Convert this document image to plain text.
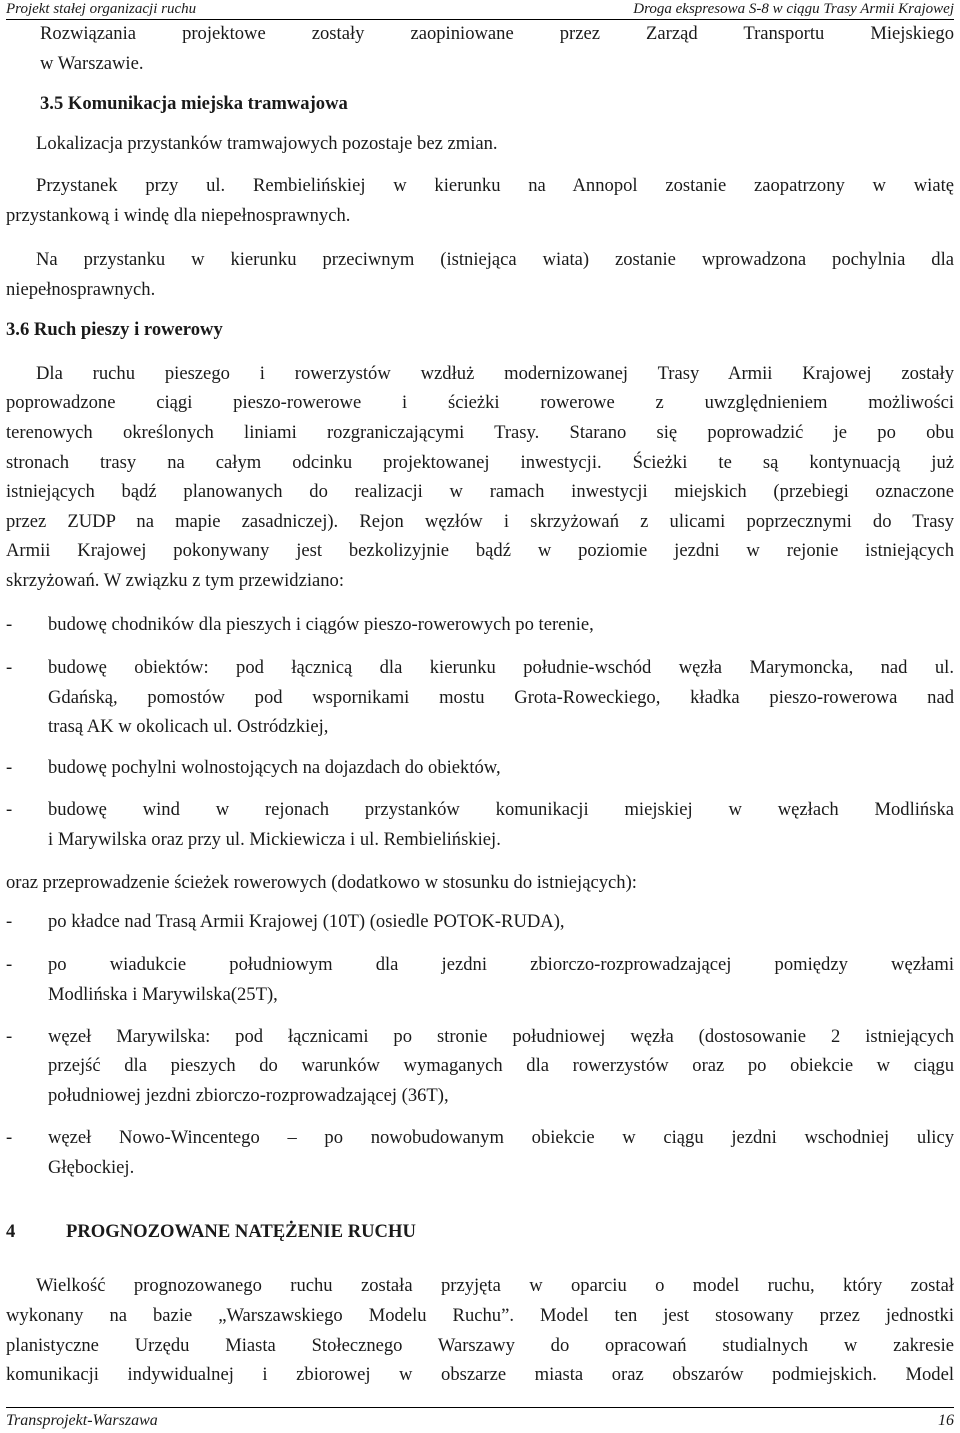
Projekt stałej organizacji ruchu	Droga ekspresowa S-8 w ciągu Trasy Armii Krajowej
Rozwiązania projektowe zostały zaopiniowane przez Zarząd Transportu Miejskiego
w Warszawie.
3.5 Komunikacja miejska tramwajowa
Lokalizacja przystanków tramwajowych pozostaje bez zmian.
Przystanek przy ul. Rembielińskiej w kierunku na Annopol zostanie zaopatrzony w wiatę
przystankową i windę dla niepełnosprawnych.
Na przystanku w kierunku przeciwnym (istniejąca wiata) zostanie wprowadzona pochylnia dla
niepełnosprawnych.
3.6 Ruch pieszy i rowerowy
Dla ruchu pieszego i rowerzystów wzdłuż modernizowanej Trasy Armii Krajowej zostały
poprowadzone ciągi pieszo-rowerowe i ścieżki rowerowe z uwzględnieniem możliwości
terenowych określonych liniami rozgraniczającymi Trasy. Starano się poprowadzić je po obu
stronach trasy na całym odcinku projektowanej inwestycji. Ścieżki te są kontynuacją już
istniejących bądź planowanych do realizacji w ramach inwestycji miejskich (przebiegi oznaczone
przez ZUDP na mapie zasadniczej). Rejon węzłów i skrzyżowań z ulicami poprzecznymi do Trasy
Armii Krajowej pokonywany jest bezkolizyjnie bądź w poziomie jezdni w rejonie istniejących
skrzyżowań. W związku z tym przewidziano:
- budowę chodników dla pieszych i ciągów pieszo-rowerowych po terenie,
- budowę obiektów: pod łącznicą dla kierunku południe-wschód węzła Marymoncka, nad ul.
Gdańską, pomostów pod wspornikami mostu Grota-Roweckiego, kładka pieszo-rowerowa nad
trasą AK w okolicach ul. Ostródzkiej,
- budowę pochylni wolnostojących na dojazdach do obiektów,
- budowę wind w rejonach przystanków komunikacji miejskiej w węzłach Modlińska
i Marywilska oraz przy ul. Mickiewicza i ul. Rembielińskiej.
oraz przeprowadzenie ścieżek rowerowych (dodatkowo w stosunku do istniejących):
- po kładce nad Trasą Armii Krajowej (10T) (osiedle POTOK-RUDA),
- po wiadukcie południowym dla jezdni zbiorczo-rozprowadzającej pomiędzy węzłami
Modlińska i Marywilska(25T),
- węzeł Marywilska: pod łącznicami po stronie południowej węzła (dostosowanie 2 istniejących
przejść dla pieszych do warunków wymaganych dla rowerzystów oraz po obiekcie w ciągu
południowej jezdni zbiorczo-rozprowadzającej (36T),
- węzeł Nowo-Wincentego – po nowobudowanym obiekcie w ciągu jezdni wschodniej ulicy
Głębockiej.
4	PROGNOZOWANE NATĘŻENIE RUCHU
Wielkość prognozowanego ruchu została przyjęta w oparciu o model ruchu, który został
wykonany na bazie „Warszawskiego Modelu Ruchu”. Model ten jest stosowany przez jednostki
planistyczne Urzędu Miasta Stołecznego Warszawy do opracowań studialnych w zakresie
komunikacji indywidualnej i zbiorowej w obszarze miasta oraz obszarów podmiejskich. Model
Transprojekt-Warszawa	16
